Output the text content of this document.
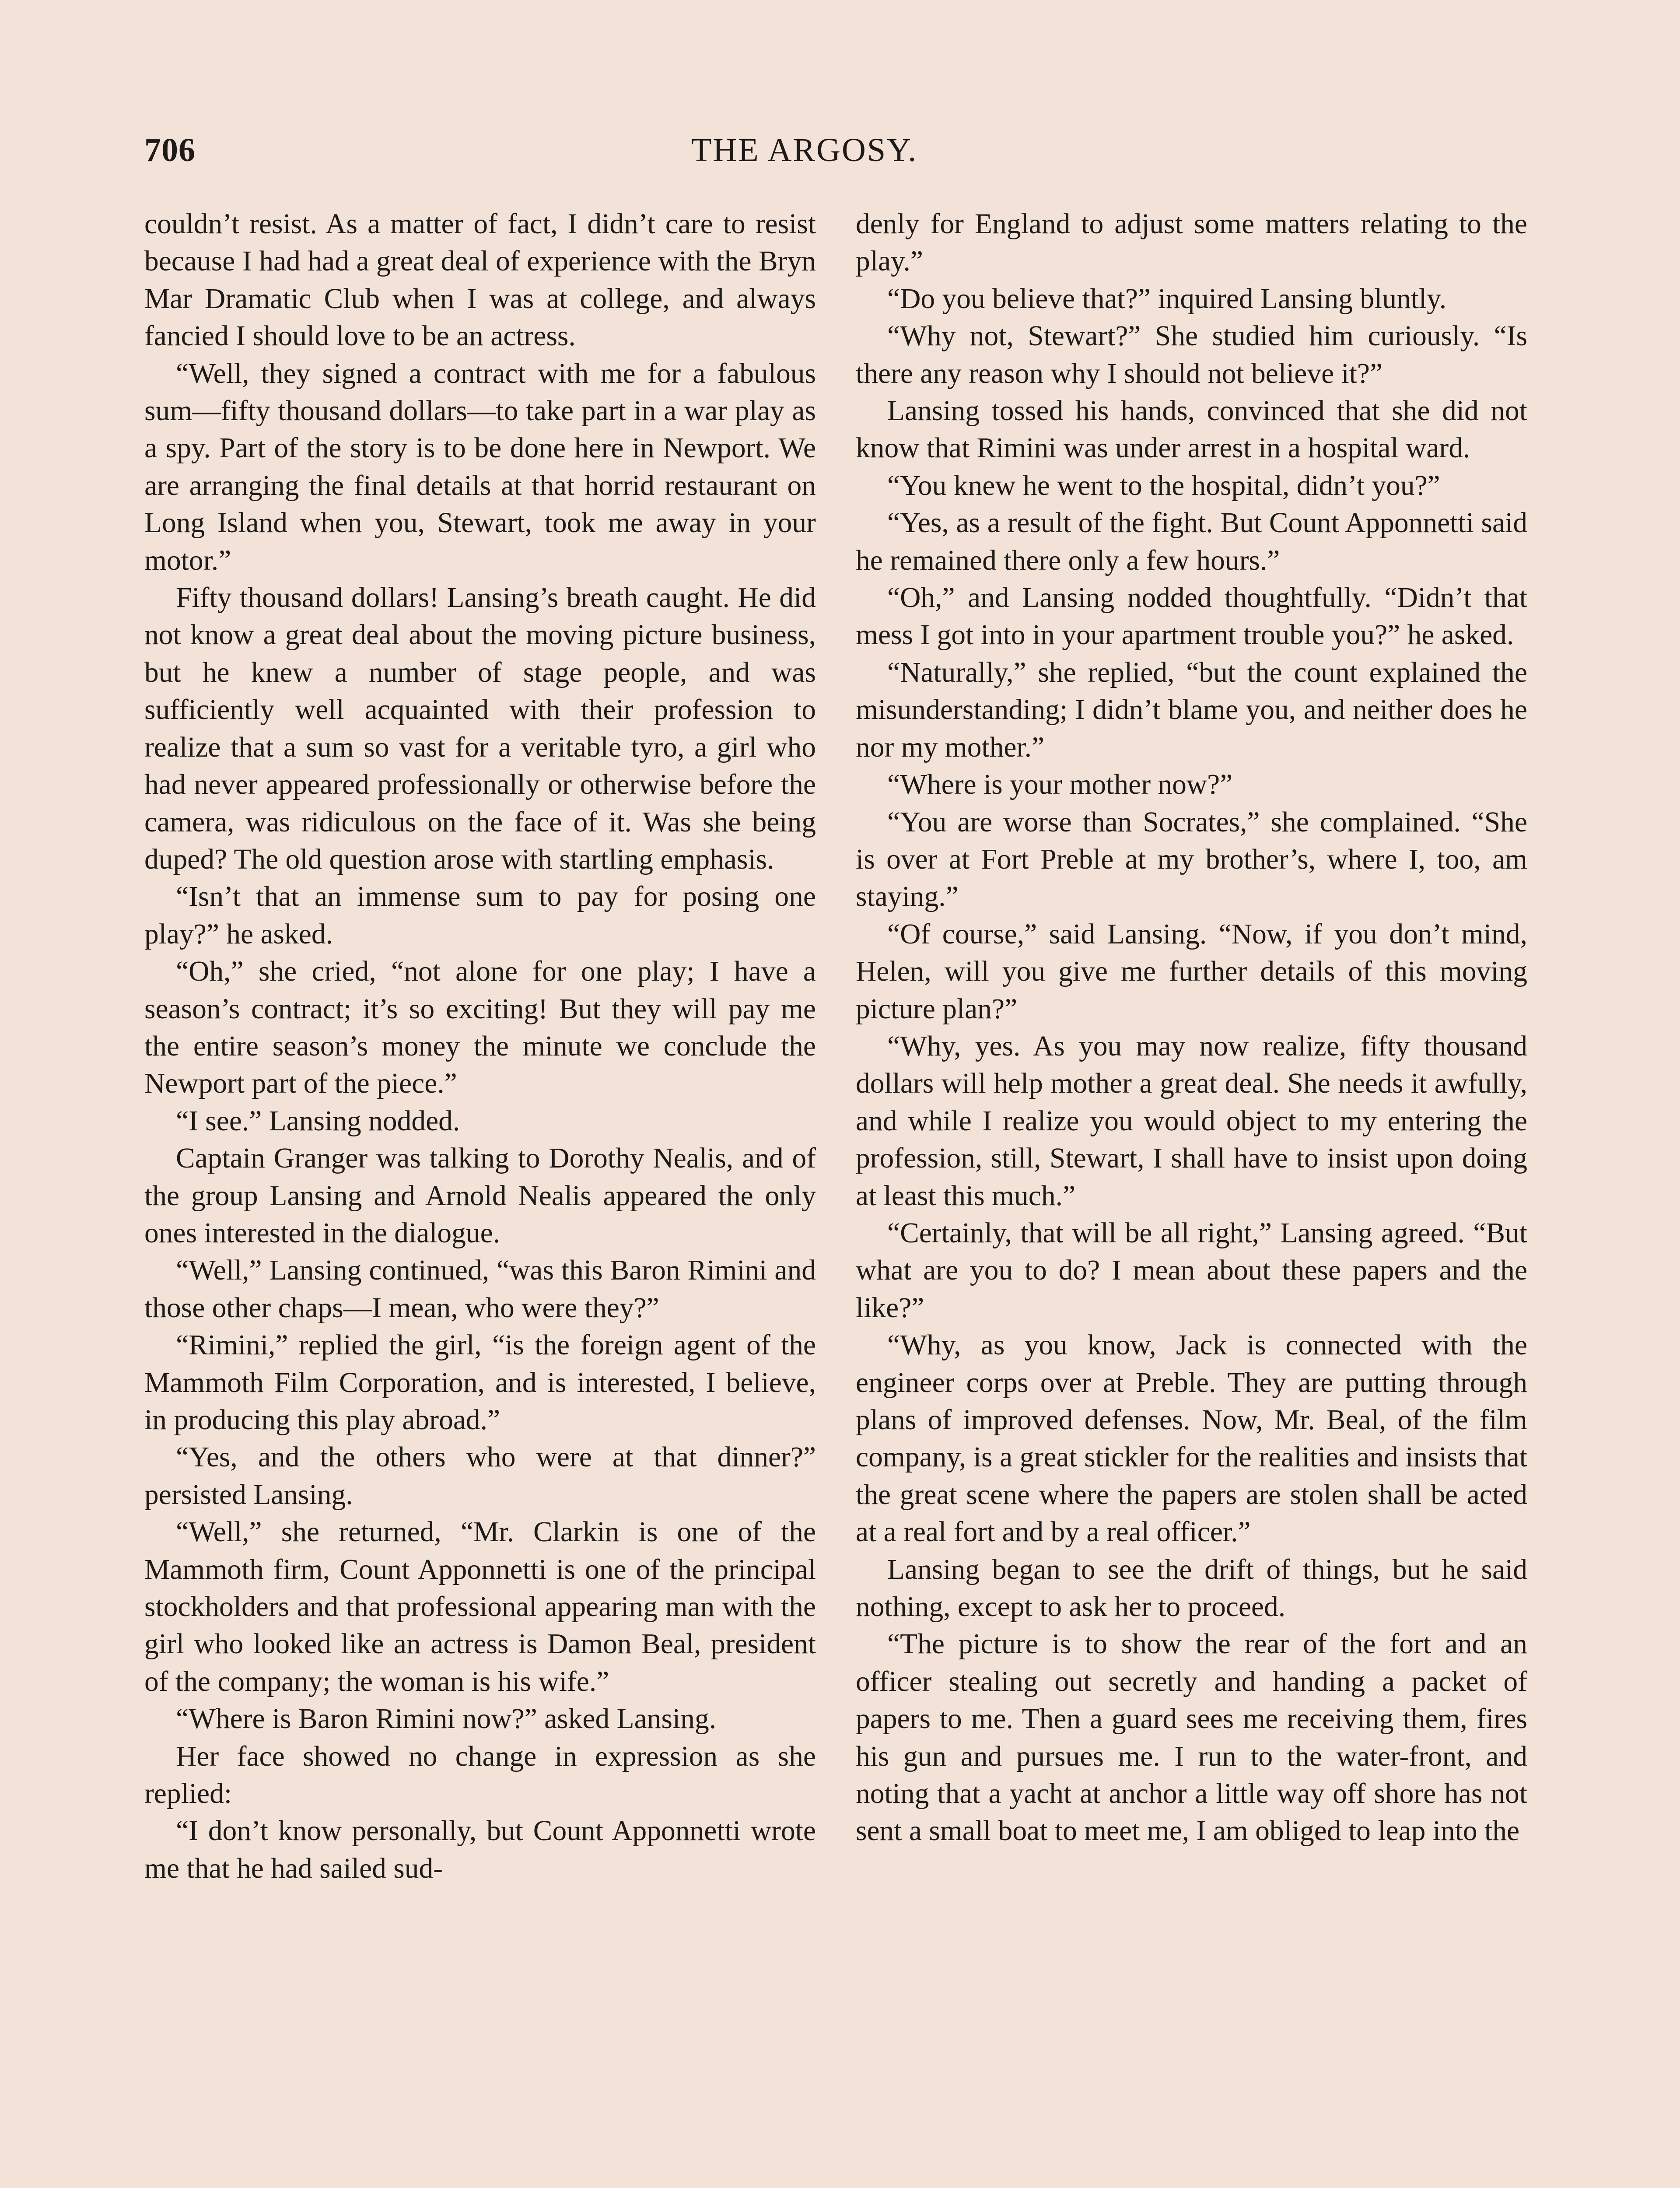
706	THE ARGOSY.

couldn’t resist. As a matter of fact, I didn’t care to resist because I had had a great deal of experience with the Bryn Mar Dramatic Club when I was at college, and always fancied I should love to be an actress.

“Well, they signed a contract with me for a fabulous sum—fifty thousand dollars—to take part in a war play as a spy. Part of the story is to be done here in Newport. We are arranging the final details at that horrid restaurant on Long Island when you, Stewart, took me away in your motor.”

Fifty thousand dollars! Lansing’s breath caught. He did not know a great deal about the moving picture business, but he knew a number of stage people, and was sufficiently well acquainted with their profession to realize that a sum so vast for a veritable tyro, a girl who had never appeared professionally or otherwise before the camera, was ridiculous on the face of it. Was she being duped? The old question arose with startling emphasis.

“Isn’t that an immense sum to pay for posing one play?” he asked.

“Oh,” she cried, “not alone for one play; I have a season’s contract; it’s so exciting! But they will pay me the entire season’s money the minute we conclude the Newport part of the piece.”

“I see.” Lansing nodded.

Captain Granger was talking to Dorothy Nealis, and of the group Lansing and Arnold Nealis appeared the only ones interested in the dialogue.

“Well,” Lansing continued, “was this Baron Rimini and those other chaps—I mean, who were they?”

“Rimini,” replied the girl, “is the foreign agent of the Mammoth Film Corporation, and is interested, I believe, in producing this play abroad.”

“Yes, and the others who were at that dinner?” persisted Lansing.

“Well,” she returned, “Mr. Clarkin is one of the Mammoth firm, Count Apponnetti is one of the principal stockholders and that professional appearing man with the girl who looked like an actress is Damon Beal, president of the company; the woman is his wife.”

“Where is Baron Rimini now?” asked Lansing.

Her face showed no change in expression as she replied:

“I don’t know personally, but Count Apponnetti wrote me that he had sailed sud-

denly for England to adjust some matters relating to the play.”

“Do you believe that?” inquired Lansing bluntly.

“Why not, Stewart?” She studied him curiously. “Is there any reason why I should not believe it?”

Lansing tossed his hands, convinced that she did not know that Rimini was under arrest in a hospital ward.

“You knew he went to the hospital, didn’t you?”

“Yes, as a result of the fight. But Count Apponnetti said he remained there only a few hours.”

“Oh,” and Lansing nodded thoughtfully. “Didn’t that mess I got into in your apartment trouble you?” he asked.

“Naturally,” she replied, “but the count explained the misunderstanding; I didn’t blame you, and neither does he nor my mother.”

“Where is your mother now?”

“You are worse than Socrates,” she complained. “She is over at Fort Preble at my brother’s, where I, too, am staying.”

“Of course,” said Lansing. “Now, if you don’t mind, Helen, will you give me further details of this moving picture plan?”

“Why, yes. As you may now realize, fifty thousand dollars will help mother a great deal. She needs it awfully, and while I realize you would object to my entering the profession, still, Stewart, I shall have to insist upon doing at least this much.”

“Certainly, that will be all right,” Lansing agreed. “But what are you to do? I mean about these papers and the like?”

“Why, as you know, Jack is connected with the engineer corps over at Preble. They are putting through plans of improved defenses. Now, Mr. Beal, of the film company, is a great stickler for the realities and insists that the great scene where the papers are stolen shall be acted at a real fort and by a real officer.”

Lansing began to see the drift of things, but he said nothing, except to ask her to proceed.

“The picture is to show the rear of the fort and an officer stealing out secretly and handing a packet of papers to me. Then a guard sees me receiving them, fires his gun and pursues me. I run to the water-front, and noting that a yacht at anchor a little way off shore has not sent a small boat to meet me, I am obliged to leap into the
